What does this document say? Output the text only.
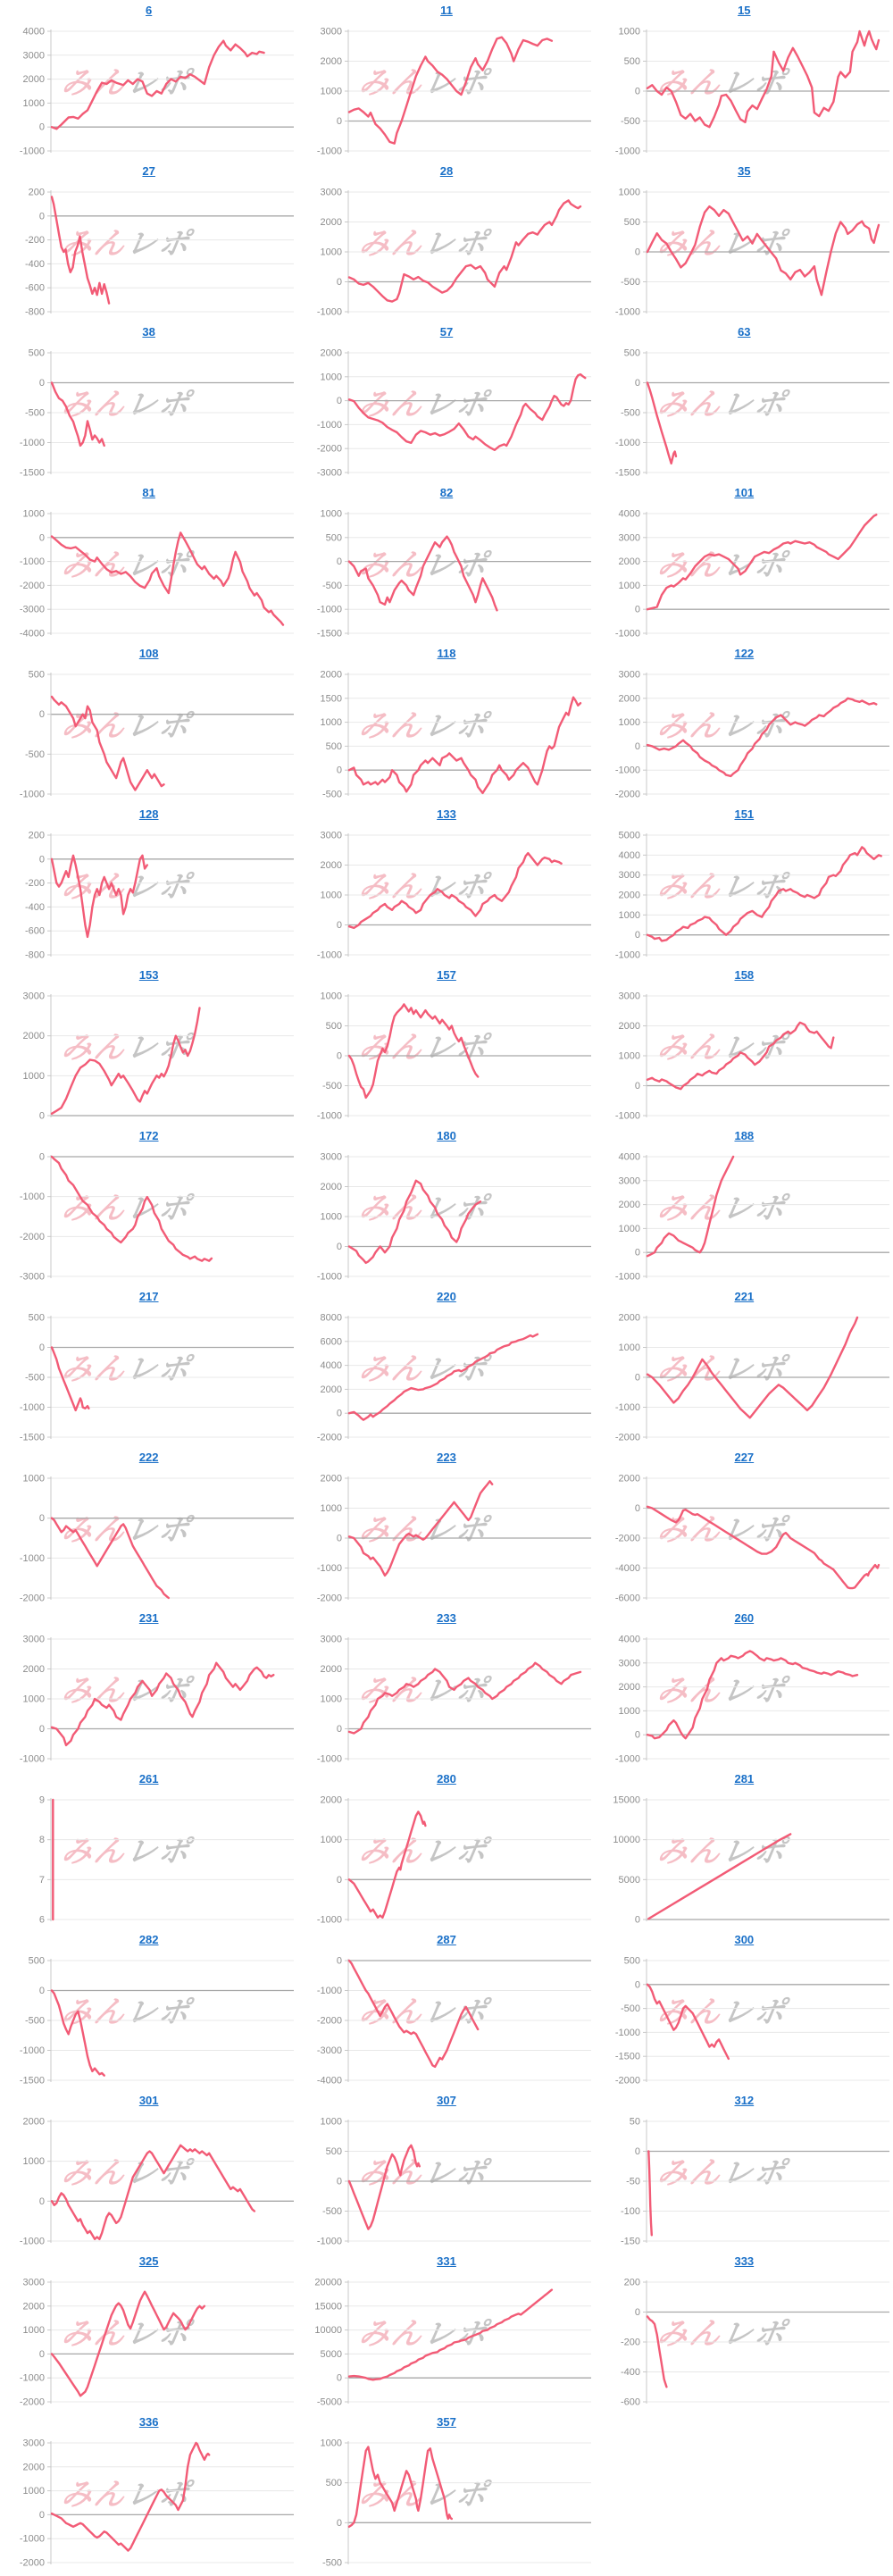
6
みんレポ
4000
3000
2000
1000
0
-1000
11
みんレポ
3000
2000
1000
0
-1000
15
みんレポ
1000
500
0
-500
-1000
27
みんレポ
200
0
-200
-400
-600
-800
28
みんレポ
3000
2000
1000
0
-1000
35
みんレポ
1000
500
0
-500
-1000
38
みんレポ
500
0
-500
-1000
-1500
57
みんレポ
2000
1000
0
-1000
-2000
-3000
63
みんレポ
500
0
-500
-1000
-1500
81
みんレポ
1000
0
-1000
-2000
-3000
-4000
82
みんレポ
1000
500
0
-500
-1000
-1500
101
みんレポ
4000
3000
2000
1000
0
-1000
108
みんレポ
500
0
-500
-1000
118
みんレポ
2000
1500
1000
500
0
-500
122
みんレポ
3000
2000
1000
0
-1000
-2000
128
みんレポ
200
0
-200
-400
-600
-800
133
みんレポ
3000
2000
1000
0
-1000
151
みんレポ
5000
4000
3000
2000
1000
0
-1000
153
みんレポ
3000
2000
1000
0
157
みんレポ
1000
500
0
-500
-1000
158
みんレポ
3000
2000
1000
0
-1000
172
みんレポ
0
-1000
-2000
-3000
180
みんレポ
3000
2000
1000
0
-1000
188
みんレポ
4000
3000
2000
1000
0
-1000
217
みんレポ
500
0
-500
-1000
-1500
220
みんレポ
8000
6000
4000
2000
0
-2000
221
みんレポ
2000
1000
0
-1000
-2000
222
みんレポ
1000
0
-1000
-2000
223
みんレポ
2000
1000
0
-1000
-2000
227
みんレポ
2000
0
-2000
-4000
-6000
231
みんレポ
3000
2000
1000
0
-1000
233
みんレポ
3000
2000
1000
0
-1000
260
みんレポ
4000
3000
2000
1000
0
-1000
261
みんレポ
9
8
7
6
280
みんレポ
2000
1000
0
-1000
281
みんレポ
15000
10000
5000
0
282
みんレポ
500
0
-500
-1000
-1500
287
みんレポ
0
-1000
-2000
-3000
-4000
300
みんレポ
500
0
-500
-1000
-1500
-2000
301
みんレポ
2000
1000
0
-1000
307
みんレポ
1000
500
0
-500
-1000
312
みんレポ
50
0
-50
-100
-150
325
みんレポ
3000
2000
1000
0
-1000
-2000
331
みんレポ
20000
15000
10000
5000
0
-5000
333
みんレポ
200
0
-200
-400
-600
336
みんレポ
3000
2000
1000
0
-1000
-2000
357
みんレポ
1000
500
0
-500
